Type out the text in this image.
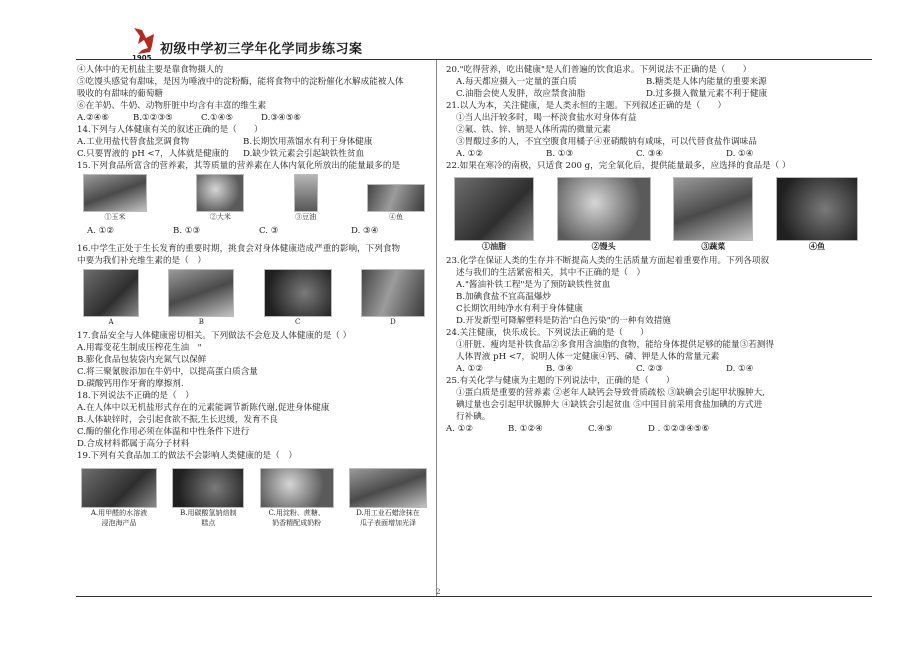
1905
初级中学初三学年化学同步练习案
2
④人体中的无机盐主要是靠食物摄人的
⑤吃馒头感觉有甜味，是因为唾液中的淀粉酶，能将食物中的淀粉催化水解成能被人体
吸收的有甜味的葡萄糖
⑥在羊奶、牛奶、动物肝脏中均含有丰富的维生素
A.②④⑥	B.①②③⑤	C.①④⑤	D.③④⑤⑥
14.下列与人体健康有关的叙述正确的是（　　）
A.工业用盐代替食盐烹调食物	B.长期饮用蒸馏水有利于身体健康
C.只要胃液的 pH <7，人体就是健康的	D.缺少铁元素会引起缺铁性贫血
15.下列食品所富含的营养素，其等质量的营养素在人体内氧化所放出的能量最多的是
①玉米	②大米	③豆油	④鱼
A. ①②	B. ①③	C. ③	D. ③④
16.中学生正处于生长发育的重要时期，挑食会对身体健康造成严重的影响，下列食物
中要为我们补充维生素的是（　）
A	B	C	D
17.食品安全与人体健康密切相关。下列做法不会危及人体健康的是（ ）
A.用霉变花生制成压榨花生油　"
B.膨化食品包装袋内充氮气以保鲜
C.将三聚氰胺添加在牛奶中，以提高蛋白质含量
D.碳酸钙用作牙膏的摩擦剂.
18.下列说法不正确的是（　）
A.在人体中以无机盐形式存在的元素能调节新陈代谢,促进身体健康
B.人体缺锌时，会引起食欲不振,生长迟缓，发育不良
C.酶的催化作用必须在体温和中性条件下进行
D.合成材料都属于高分子材料
19.下列有关食品加工的做法不会影响人类健康的是（　）
A.用甲醛的水溶液
浸泡海产品
B.用碳酸氢钠焙制
糕点
C.用淀粉、蔗糖、
奶香精配成奶粉
D.用工业石蜡涂抹在
瓜子表面增加光泽
20."吃得营养，吃出健康"是人们普遍的饮食追求。下列说法不正确的是（　　）
A.每天都应摄入一定量的蛋白质	B.糖类是人体内能量的重要来源
C.油脂会使人发胖，故应禁食油脂	D.过多摄入微量元素不利于健康
21.以人为本，关注健康，是人类永恒的主题。下列叙述正确的是（　　）
①当人出汗较多时，喝一杯淡食盐水对身体有益
②氟、铁、锌、钠是人体所需的微量元素
③胃酸过多的人，不宜空腹食用橘子④亚硝酸钠有咸味，可以代替食盐作调味品
A. ①②	B. ①③	C. ③④	D. ①④
22.如果在寒冷的南极，只适食 200 g，完全氧化后，提供能量最多，应选择的食品是（ ）
①油脂	②馒头	③蔬菜	④鱼
23.化学在保证人类的生存并不断提高人类的生活质量方面起着重要作用。下列各项叙
述与我们的生活紧密相关，其中不正确的是（　）
A."酱油补铁工程"是为了预防缺铁性贫血
B.加碘食盐不宜高温爆炒
C长期饮用纯净水有利于身体健康
D.开发新型可降解塑料是防治"白色污染"的一种有效措施
24.关注健康，快乐成长。下列说法正确的是（　　）
①肝脏、瘦肉是补铁食品②多食用含油脂的食物，能给身体提供足够的能量③若测得
人体胃液 pH <7，说明人体一定健康④钙、磷、钾是人体的常量元素
A. ①②	B. ③④	C. ②③	D. ①④
25.有关化学与健康为主题的下列说法中，正确的是（　　）
①蛋白质是重要的营养素 ②老年人缺钙会导致骨质疏松 ③缺碘会引起甲状腺肿大,
碘过量也会引起甲状腺肿大 ④缺铁会引起贫血 ⑤中国目前采用食盐加碘的方式进
行补碘。
A. ①②	B. ①②④	C.④⑤	D . ①②③④⑤⑥
